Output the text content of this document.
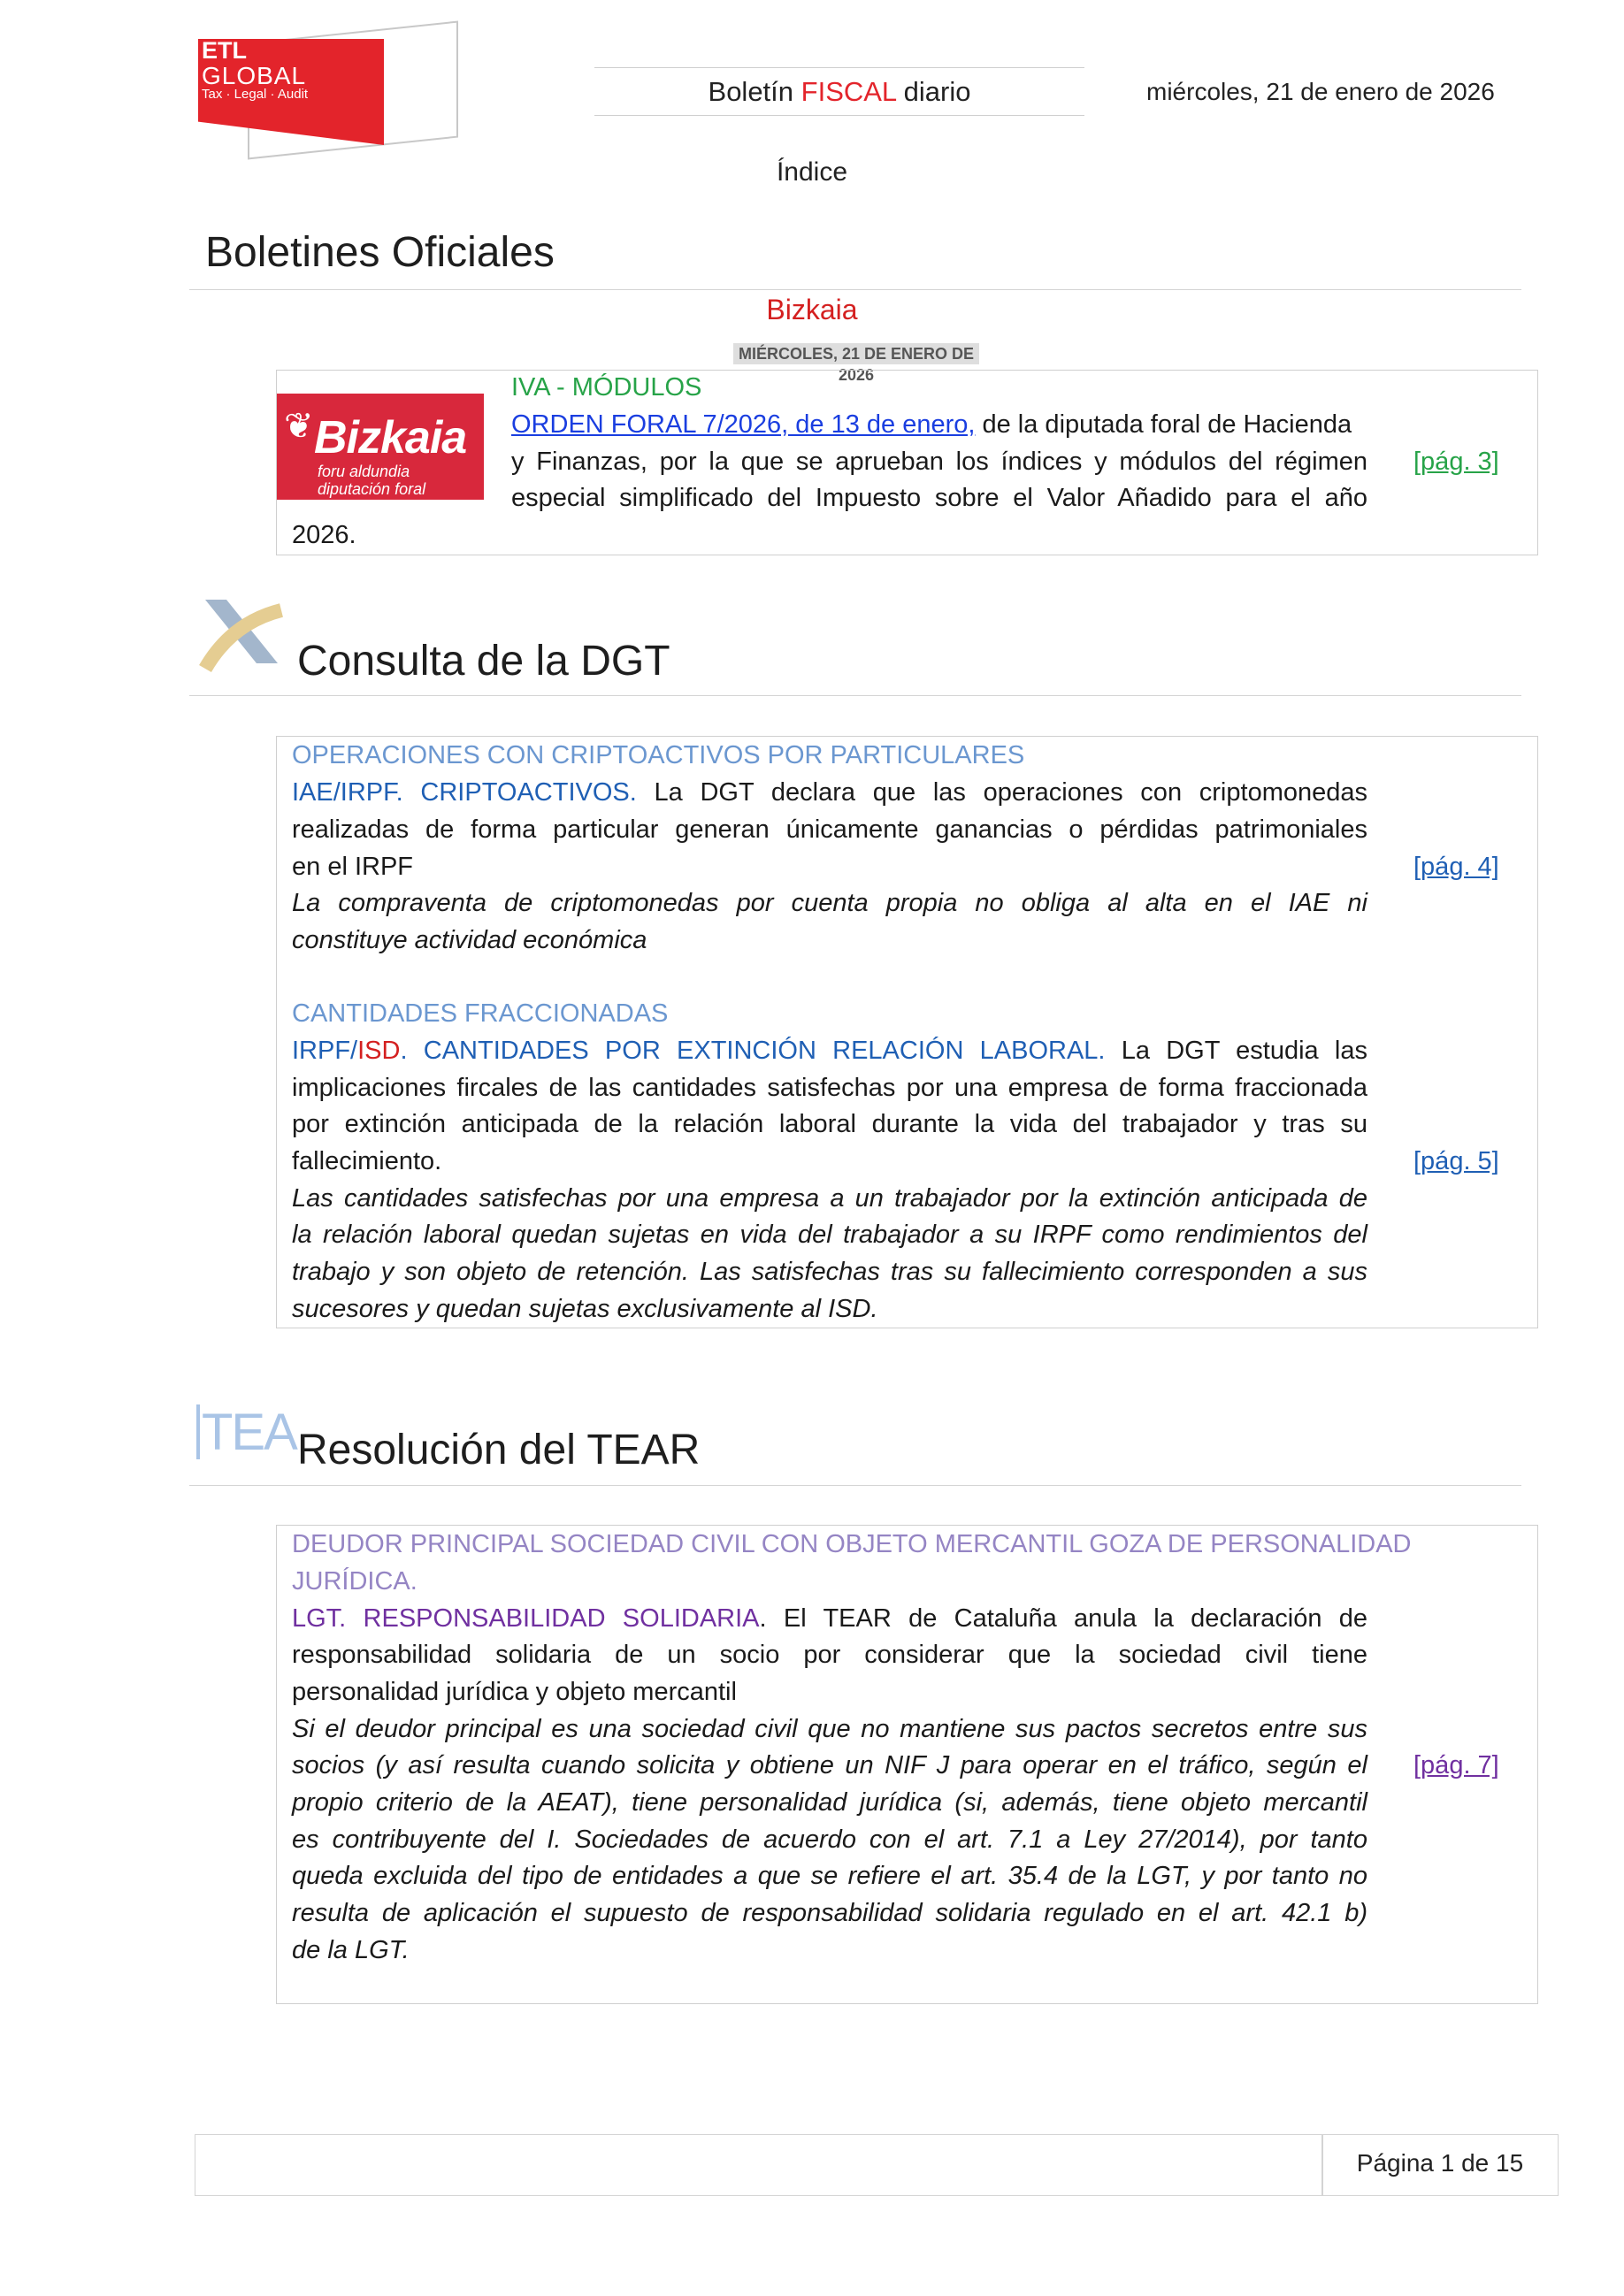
ETL
GLOBAL
Tax · Legal · Audit	Boletín FISCAL diario	miércoles, 21 de enero de 2026
Índice
Boletines Oficiales
Bizkaia
MIÉRCOLES, 21 DE ENERO DE 2026
❦ Bizkaia
foru aldundia
diputación foral
IVA - MÓDULOS
ORDEN FORAL 7/2026, de 13 de enero, de la diputada foral de Hacienda
y Finanzas, por la que se aprueban los índices y módulos del régimen
especial simplificado del Impuesto sobre el Valor Añadido para el año
2026.
[pág. 3]
Consulta de la DGT
OPERACIONES CON CRIPTOACTIVOS POR PARTICULARES
IAE/IRPF. CRIPTOACTIVOS. La DGT declara que las operaciones con criptomonedas
realizadas de forma particular generan únicamente ganancias o pérdidas patrimoniales
en el IRPF
La compraventa de criptomonedas por cuenta propia no obliga al alta en el IAE ni
constituye actividad económica
[pág. 4]
CANTIDADES FRACCIONADAS
IRPF/ISD. CANTIDADES POR EXTINCIÓN RELACIÓN LABORAL. La DGT estudia las
implicaciones fircales de las cantidades satisfechas por una empresa de forma fraccionada
por extinción anticipada de la relación laboral durante la vida del trabajador y tras su
fallecimiento.
Las cantidades satisfechas por una empresa a un trabajador por la extinción anticipada de
la relación laboral quedan sujetas en vida del trabajador a su IRPF como rendimientos del
trabajo y son objeto de retención. Las satisfechas tras su fallecimiento corresponden a sus
sucesores y quedan sujetas exclusivamente al ISD.
[pág. 5]
TEA Resolución del TEAR
DEUDOR PRINCIPAL SOCIEDAD CIVIL CON OBJETO MERCANTIL GOZA DE PERSONALIDAD
JURÍDICA.
LGT. RESPONSABILIDAD SOLIDARIA. El TEAR de Cataluña anula la declaración de
responsabilidad solidaria de un socio por considerar que la sociedad civil tiene
personalidad jurídica y objeto mercantil
Si el deudor principal es una sociedad civil que no mantiene sus pactos secretos entre sus
socios (y así resulta cuando solicita y obtiene un NIF J para operar en el tráfico, según el
propio criterio de la AEAT), tiene personalidad jurídica (si, además, tiene objeto mercantil
es contribuyente del I. Sociedades de acuerdo con el art. 7.1 a Ley 27/2014), por tanto
queda excluida del tipo de entidades a que se refiere el art. 35.4 de la LGT, y por tanto no
resulta de aplicación el supuesto de responsabilidad solidaria regulado en el art. 42.1 b)
de la LGT.
[pág. 7]
Página 1 de 15
